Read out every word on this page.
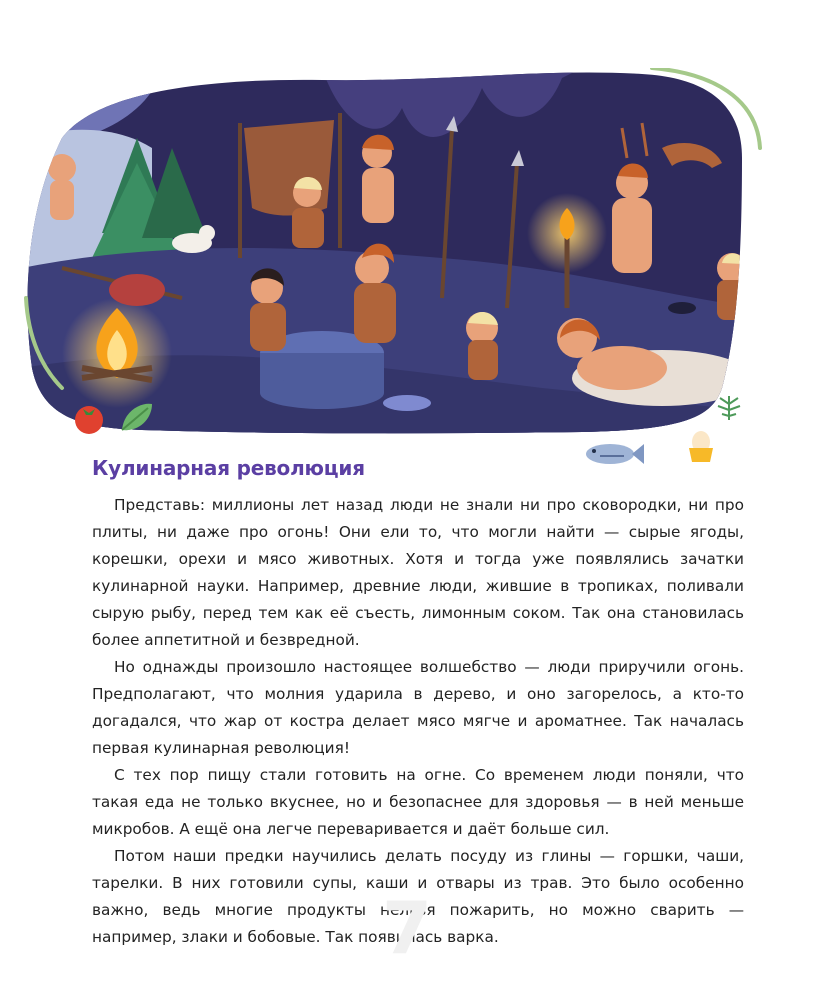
Кулинарная революция

Представь: миллионы лет назад люди не знали ни про сковородки, ни про плиты, ни даже про огонь! Они ели то, что могли найти — сырые ягоды, корешки, орехи и мясо животных. Хотя и тогда уже появлялись зачатки кулинарной науки. Например, древние люди, жившие в тропиках, поливали сырую рыбу, перед тем как её съесть, лимонным соком. Так она становилась более аппетитной и безвредной.

Но однажды произошло настоящее волшебство — люди приручили огонь. Предполагают, что молния ударила в дерево, и оно загорелось, а кто-то догадался, что жар от костра делает мясо мягче и ароматнее. Так началась первая кулинарная революция!

С тех пор пищу стали готовить на огне. Со временем люди поняли, что такая еда не только вкуснее, но и безопаснее для здоровья — в ней меньше микробов. А ещё она легче переваривается и даёт больше сил.

Потом наши предки научились делать посуду из глины — горшки, чаши, тарелки. В них готовили супы, каши и отвары из трав. Это было особенно важно, ведь многие продукты нельзя пожарить, но можно сварить — например, злаки и бобовые. Так появилась варка.

7
